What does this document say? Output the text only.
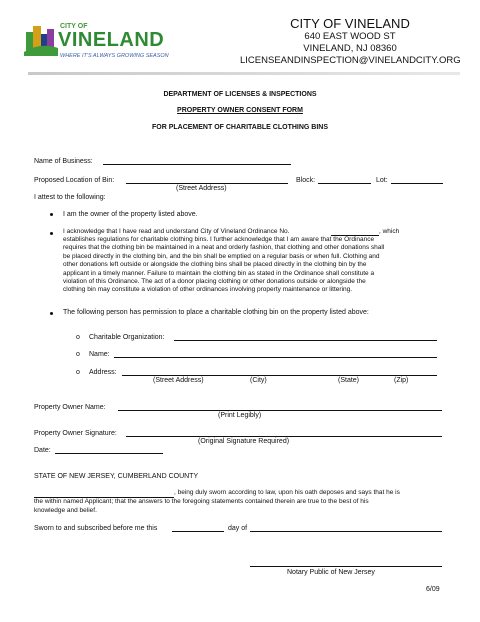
CITY OF
VINELAND
WHERE IT'S ALWAYS GROWING SEASON
CITY OF VINELAND
640 EAST WOOD ST
VINELAND, NJ 08360
LICENSEANDINSPECTION@VINELANDCITY.ORG
DEPARTMENT OF LICENSES & INSPECTIONS
PROPERTY OWNER CONSENT FORM
FOR PLACEMENT OF CHARITABLE CLOTHING BINS
Name of Business:
Proposed Location of Bin:	Block:	Lot:
(Street Address)
I attest to the following:
I am the owner of the property listed above.
I acknowledge that I have read and understand City of Vineland Ordinance No.	, which
establishes regulations for charitable clothing bins. I further acknowledge that I am aware that the Ordinance
requires that the clothing bin be maintained in a neat and orderly fashion, that clothing and other donations shall
be placed directly in the clothing bin, and the bin shall be emptied on a regular basis or when full. Clothing and
other donations left outside or alongside the clothing bins shall be placed directly in the clothing bin by the
applicant in a timely manner. Failure to maintain the clothing bin as stated in the Ordinance shall constitute a
violation of this Ordinance. The act of a donor placing clothing or other donations outside or alongside the
clothing bin may constitute a violation of other ordinances involving property maintenance or littering.
The following person has permission to place a charitable clothing bin on the property listed above:
o Charitable Organization:
o Name:
o Address:
(Street Address)	(City)	(State)	(Zip)
Property Owner Name:
(Print Legibly)
Property Owner Signature:
(Original Signature Required)
Date:
STATE OF NEW JERSEY, CUMBERLAND COUNTY
, being duly sworn according to law, upon his oath deposes and says that he is
the within named Applicant; that the answers to the foregoing statements contained therein are true to the best of his
knowledge and belief.
Sworn to and subscribed before me this	day of
Notary Public of New Jersey
6/09
